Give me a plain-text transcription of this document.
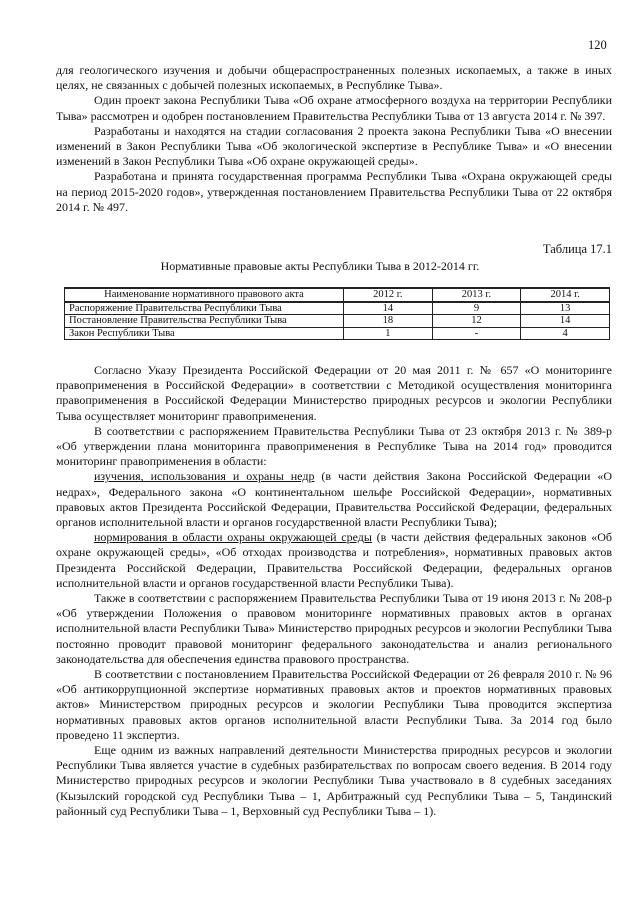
120

для геологического изучения и добычи общераспространенных полезных ископаемых, а также в иных целях, не связанных с добычей полезных ископаемых, в Республике Тыва».

Один проект закона Республики Тыва «Об охране атмосферного воздуха на территории Республики Тыва» рассмотрен и одобрен постановлением Правительства Республики Тыва от 13 августа 2014 г. № 397.

Разработаны и находятся на стадии согласования 2 проекта закона Республики Тыва «О внесении изменений в Закон Республики Тыва «Об экологической экспертизе в Республике Тыва» и «О внесении изменений в Закон Республики Тыва «Об охране окружающей среды».

Разработана и принята государственная программа Республики Тыва «Охрана окружающей среды на период 2015-2020 годов», утвержденная постановлением Правительства Республики Тыва от 22 октября 2014 г. № 497.

Таблица 17.1
Нормативные правовые акты Республики Тыва в 2012-2014 гг.
Наименование нормативного правового акта	2012 г.	2013 г.	2014 г.
Распоряжение Правительства Республики Тыва	14	9	13
Постановление Правительства Республики Тыва	18	12	14
Закон Республики Тыва	1	-	4

Согласно Указу Президента Российской Федерации от 20 мая 2011 г. № 657 «О мониторинге правоприменения в Российской Федерации» в соответствии с Методикой осуществления мониторинга правоприменения в Российской Федерации Министерство природных ресурсов и экологии Республики Тыва осуществляет мониторинг правоприменения.

В соответствии с распоряжением Правительства Республики Тыва от 23 октября 2013 г. № 389-р «Об утверждении плана мониторинга правоприменения в Республике Тыва на 2014 год» проводится мониторинг правоприменения в области:

изучения, использования и охраны недр (в части действия Закона Российской Федерации «О недрах», Федерального закона «О континентальном шельфе Российской Федерации», нормативных правовых актов Президента Российской Федерации, Правительства Российской Федерации, федеральных органов исполнительной власти и органов государственной власти Республики Тыва);

нормирования в области охраны окружающей среды (в части действия федеральных законов «Об охране окружающей среды», «Об отходах производства и потребления», нормативных правовых актов Президента Российской Федерации, Правительства Российской Федерации, федеральных органов исполнительной власти и органов государственной власти Республики Тыва).

Также в соответствии с распоряжением Правительства Республики Тыва от 19 июня 2013 г. № 208-р «Об утверждении Положения о правовом мониторинге нормативных правовых актов в органах исполнительной власти Республики Тыва» Министерство природных ресурсов и экологии Республики Тыва постоянно проводит правовой мониторинг федерального законодательства и анализ регионального законодательства для обеспечения единства правового пространства.

В соответствии с постановлением Правительства Российской Федерации от 26 февраля 2010 г. № 96 «Об антикоррупционной экспертизе нормативных правовых актов и проектов нормативных правовых актов» Министерством природных ресурсов и экологии Республики Тыва проводится экспертиза нормативных правовых актов органов исполнительной власти Республики Тыва. За 2014 год было проведено 11 экспертиз.

Еще одним из важных направлений деятельности Министерства природных ресурсов и экологии Республики Тыва является участие в судебных разбирательствах по вопросам своего ведения. В 2014 году Министерство природных ресурсов и экологии Республики Тыва участвовало в 8 судебных заседаниях (Кызылский городской суд Республики Тыва – 1, Арбитражный суд Республики Тыва – 5, Тандинский районный суд Республики Тыва – 1, Верховный суд Республики Тыва – 1).
